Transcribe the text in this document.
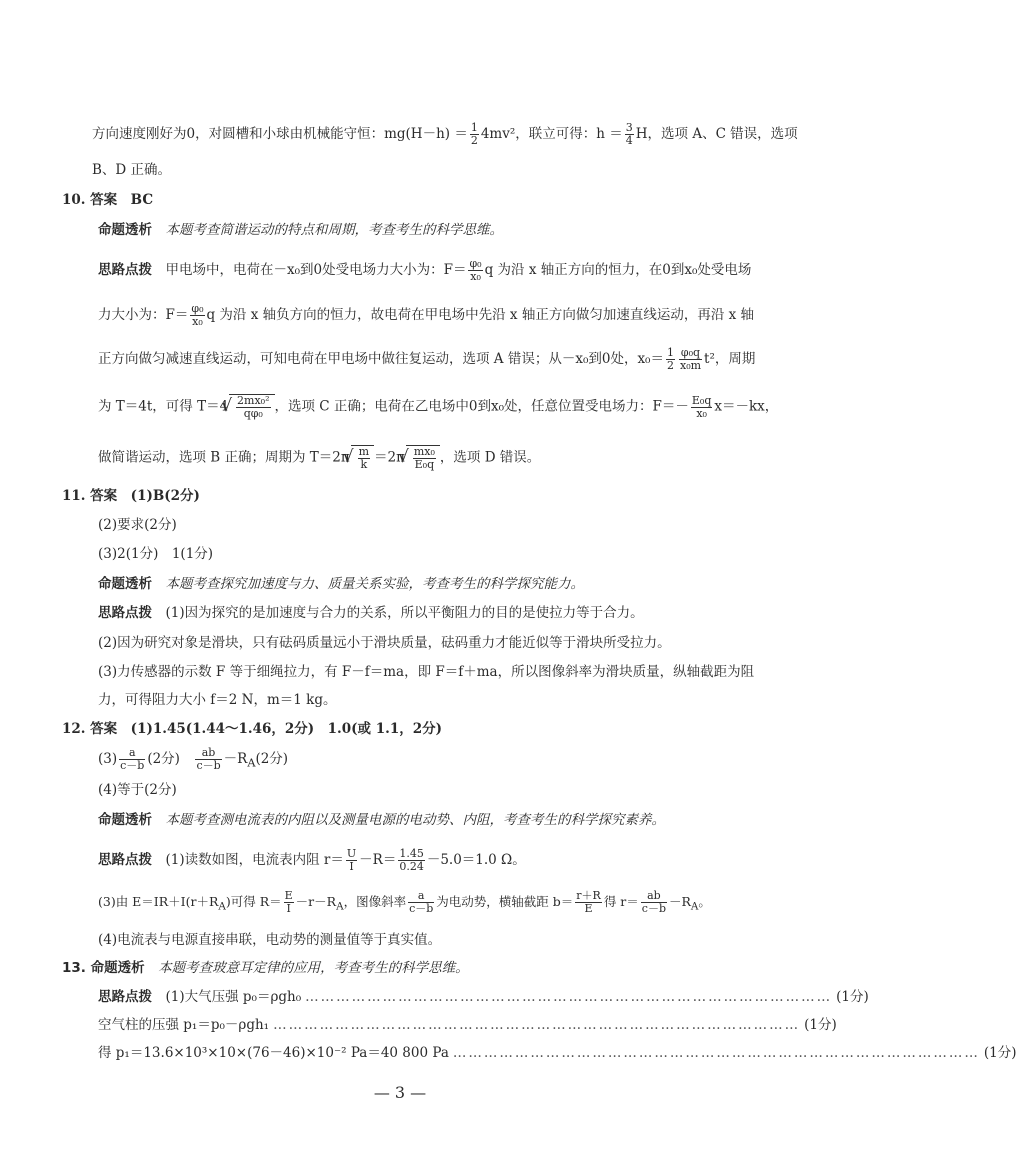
方向速度刚好为0，对圆槽和小球由机械能守恒：$mg(H-h) = \frac{1}{2} 4mv^2$，联立可得：$h = \frac{3}{4}$ H，选项 A、C 错误，选项
B、D 正确。
10. 答案　BC
命题透析　 本题考查简谐运动的特点和周期，考查考生的科学思维。
思路点拨　 甲电场中，电荷在－x₀到0处受电场力大小为：$F= \frac{\text{φ₀}}{\text{x₀}}$ q 为沿 x 轴正方向的恒力，在0到x₀处受电场
力大小为：$F= \frac{\text{φ₀}}{\text{x₀}}$ q 为沿 x 轴负方向的恒力，故电荷在甲电场中先沿 x 轴正方向做匀加速直线运动，再沿 x 轴
正方向做匀减速直线运动，可知电荷在甲电场中做往复运动，选项 A 错误；从－x₀到0处，$x_0= \frac{1}{2} \frac{\text{φ₀q}}{\text{x₀m}} t^2$，周期
为 T＝4t，可得 T＝4 √ $\frac{\text{2mx₀²}}{\text{qφ₀}}$ ，选项 C 正确；电荷在乙电场中0到x₀处，任意位置受电场力：$F=- \frac{\text{E₀q}}{\text{x₀}} x=-kx$，
做简谐运动，选项 B 正确；周期为 T＝2π √ $\frac{m}{k} =2\pi$ √ $\frac{\text{mx₀}}{\text{E₀q}}$ ，选项 D 错误。
11. 答案　(1)B(2分)
(2)要求(2分)
(3)2(1分)　1(1分)
命题透析　 本题考查探究加速度与力、质量关系实验，考查考生的科学探究能力。
思路点拨　 (1)因为探究的是加速度与合力的关系，所以平衡阻力的目的是使拉力等于合力。
(2)因为研究对象是滑块，只有砝码质量远小于滑块质量，砝码重力才能近似等于滑块所受拉力。
(3)力传感器的示数 F 等于细绳拉力，有 F－f＝ma，即 F＝f＋ma，所以图像斜率为滑块质量，纵轴截距为阻
力，可得阻力大小 f＝2 N，m＝1 kg。
12. 答案　(1)1.45(1.44～1.46，2分)　1.0(或 1.1，2分)
$(3) \frac{a}{c-b} (2$分)　 $\frac{ab}{c-b} -R_A(2$分)
(4)等于(2分)
命题透析　 本题考查测电流表的内阻以及测量电源的电动势、内阻，考查考生的科学探究素养。
思路点拨　 (1)读数如图，电流表内阻 $r= \frac{U}{I} -R= \frac{1.45}{0.24} -5.0=1.0$ Ω。
(3)由 $E=IR+I(r+R_A)$可得 $R= \frac{E}{I} -r-R_A$，图像斜率 $\frac{a}{c-b}$ 为电动势，横轴截距 $b= \frac{r+R}{E}$ 得 $r= \frac{ab}{c-b} -R_A$。
(4)电流表与电源直接串联，电动势的测量值等于真实值。
13. 命题透析　 本题考查玻意耳定律的应用，考查考生的科学思维。
思路点拨　 (1)大气压强 p₀＝ρgh₀ ………………………………………………………………………………………… (1分)
空气柱的压强 p₁＝p₀－ρgh₁ ………………………………………………………………………………………… (1分)
得 p₁＝13.6×10³×10×(76－46)×10⁻² Pa＝40 800 Pa ………………………………………………………………………………………… (1分)
— 3 —
